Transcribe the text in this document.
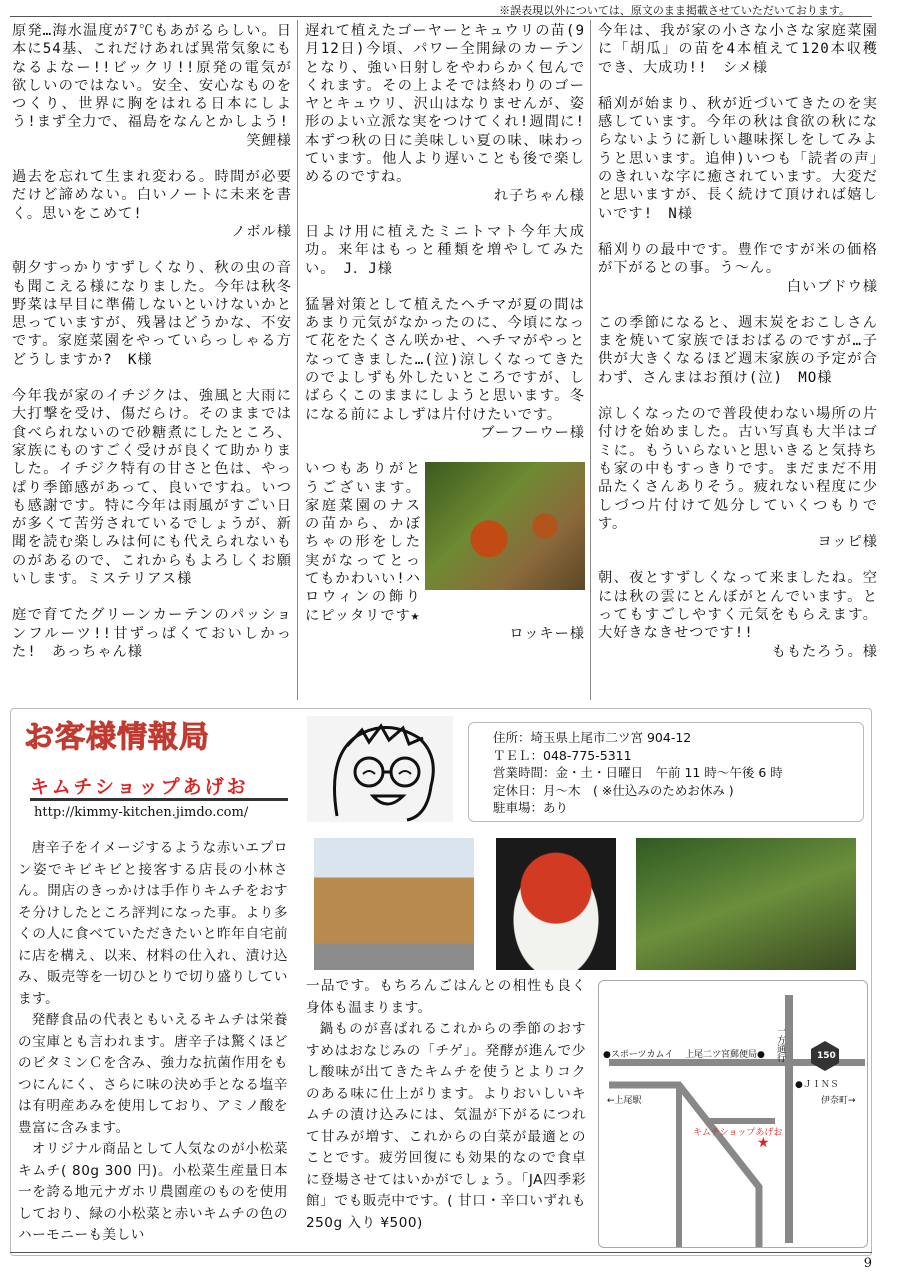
※誤表現以外については、原文のまま掲載させていただいております。

原発…海水温度が7℃もあがるらしい。日本に54基、これだけあれば異常気象にもなるよなー!!ビックリ!!原発の電気が欲しいのではない。安全、安心なものをつくり、世界に胸をはれる日本にしよう!まず全力で、福島をなんとかしよう!

笑鯉様

過去を忘れて生まれ変わる。時間が必要だけど諦めない。白いノートに未来を書く。思いをこめて!

ノボル様

朝夕すっかりすずしくなり、秋の虫の音も聞こえる様になりました。今年は秋冬野菜は早目に準備しないといけないかと思っていますが、残暑はどうかな、不安です。家庭菜園をやっていらっしゃる方どうしますか?　K様

今年我が家のイチジクは、強風と大雨に大打撃を受け、傷だらけ。そのままでは食べられないので砂糖煮にしたところ、家族にものすごく受けが良くて助かりました。イチジク特有の甘さと色は、やっぱり季節感があって、良いですね。いつも感謝です。特に今年は雨風がすごい日が多くて苦労されているでしょうが、新聞を読む楽しみは何にも代えられないものがあるので、これからもよろしくお願いします。ミステリアス様

庭で育てたグリーンカーテンのパッションフルーツ!!甘ずっぱくておいしかった!　あっちゃん様

遅れて植えたゴーヤーとキュウリの苗(9月12日)今頃、パワー全開緑のカーテンとなり、強い日射しをやわらかく包んでくれます。その上よそでは終わりのゴーヤとキュウリ、沢山はなりませんが、姿形のよい立派な実をつけてくれ!週間に!本ずつ秋の日に美味しい夏の味、味わっています。他人より遅いことも後で楽しめるのですね。

れ子ちゃん様

日よけ用に植えたミニトマト今年大成功。来年はもっと種類を増やしてみたい。　J．J様

猛暑対策として植えたヘチマが夏の間はあまり元気がなかったのに、今頃になって花をたくさん咲かせ、ヘチマがやっとなってきました…(泣)涼しくなってきたのでよしずも外したいところですが、しばらくこのままにしようと思います。冬になる前によしずは片付けたいです。

ブーフーウー様

いつもありがとうございます。家庭菜園のナスの苗から、かぼちゃの形をした実がなってとってもかわいい!ハロウィンの飾りにピッタリです★

ロッキー様

今年は、我が家の小さな小さな家庭菜園に「胡瓜」の苗を4本植えて120本収穫でき、大成功!!　シメ様

稲刈が始まり、秋が近づいてきたのを実感しています。今年の秋は食欲の秋にならないように新しい趣味探しをしてみようと思います。追伸)いつも「読者の声」のきれいな字に癒されています。大変だと思いますが、長く続けて頂ければ嬉しいです!　N様

稲刈りの最中です。豊作ですが米の価格が下がるとの事。う〜ん。

白いブドウ様

この季節になると、週末炭をおこしさんまを焼いて家族でほおばるのですが…子供が大きくなるほど週末家族の予定が合わず、さんまはお預け(泣)　MO様

涼しくなったので普段使わない場所の片付けを始めました。古い写真も大半はゴミに。もういらないと思いきると気持ちも家の中もすっきりです。まだまだ不用品たくさんありそう。疲れない程度に少しづつ片付けて処分していくつもりです。

ヨッピ様

朝、夜とすずしくなって来ましたね。空には秋の雲にとんぼがとんでいます。とってもすごしやすく元気をもらえます。大好きなきせつです!!

ももたろう。様
お客様情報局
キムチショップあげお
http://kimmy-kitchen.jimdo.com/
住所：埼玉県上尾市二ツ宮 904-12
ＴＥＬ：048-775-5311
営業時間：金・土・日曜日　午前 11 時〜午後 6 時
定休日：月〜木　( ※仕込みのためお休み )
駐車場：あり

唐辛子をイメージするような赤いエプロン姿でキビキビと接客する店長の小林さん。開店のきっかけは手作りキムチをおすそ分けしたところ評判になった事。より多くの人に食べていただきたいと昨年自宅前に店を構え、以来、材料の仕入れ、漬け込み、販売等を一切ひとりで切り盛りしています。

発酵食品の代表ともいえるキムチは栄養の宝庫とも言われます。唐辛子は驚くほどのビタミンＣを含み、強力な抗菌作用をもつにんにく、さらに味の決め手となる塩辛は有明産あみを使用しており、アミノ酸を豊富に含みます。

オリジナル商品として人気なのが小松菜キムチ( 80g 300 円)。小松菜生産量日本一を誇る地元ナガホリ農園産のものを使用しており、緑の小松菜と赤いキムチの色のハーモニーも美しい

一品です。もちろんごはんとの相性も良く身体も温まります。

鍋ものが喜ばれるこれからの季節のおすすめはおなじみの「チゲ」。発酵が進んで少し酸味が出てきたキムチを使うとよりコクのある味に仕上がります。よりおいしいキムチの漬け込みには、気温が下がるにつれて甘みが増す、これからの白菜が最適とのことです。疲労回復にも効果的なので食卓に登場させてはいかがでしょう。「JA四季彩館」でも販売中です。( 甘口・辛口いずれも 250g 入り ¥500)

一方通行
●スポーツカムイ 上尾二ツ宮郵便局●	150
●ＪＩＮＳ
←上尾駅	伊奈町→
キムチショップあげお
★
9
